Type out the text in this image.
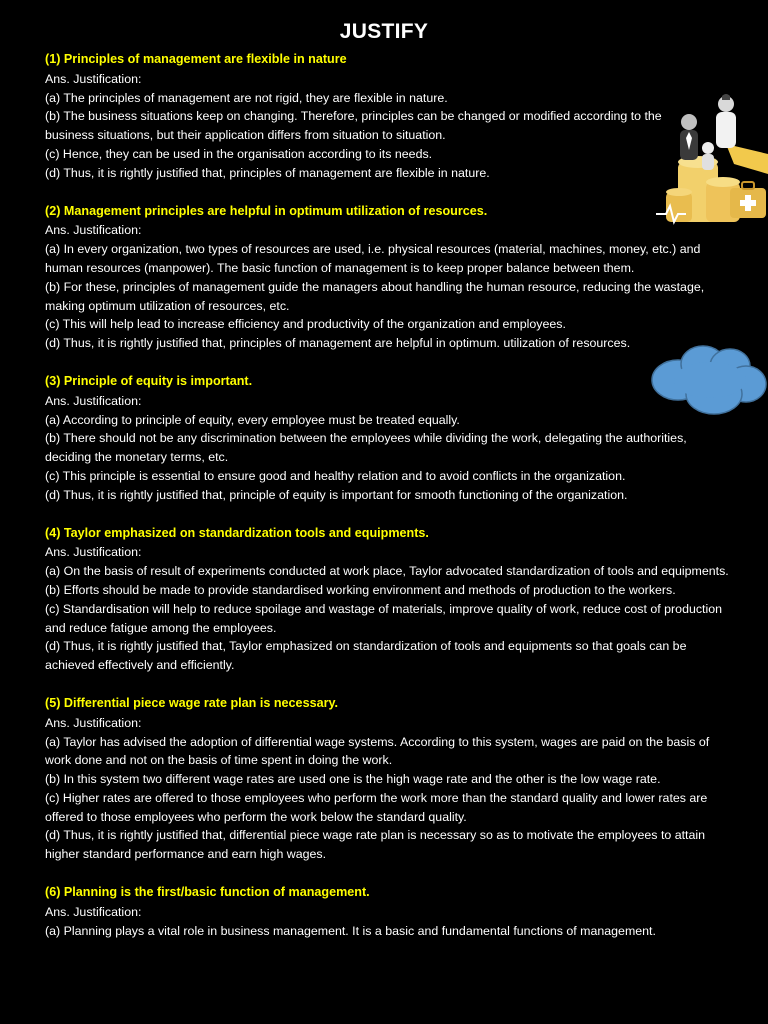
JUSTIFY
(1) Principles of management are flexible in nature
Ans. Justification:
(a) The principles of management are not rigid, they are flexible in nature.
(b) The business situations keep on changing. Therefore, principles can be changed or modified according to the business situations, but their application differs from situation to situation.
(c) Hence, they can be used in the organisation according to its needs.
(d) Thus, it is rightly justified that, principles of management are flexible in nature.
(2) Management principles are helpful in optimum utilization of resources.
Ans. Justification:
(a) In every organization, two types of resources are used, i.e. physical resources (material, machines, money, etc.) and human resources (manpower). The basic function of management is to keep proper balance between them.
(b) For these, principles of management guide the managers about handling the human resource, reducing the wastage, making optimum utilization of resources, etc.
(c) This will help lead to increase efficiency and productivity of the organization and employees.
(d) Thus, it is rightly justified that, principles of management are helpful in optimum. utilization of resources.
(3) Principle of equity is important.
Ans. Justification:
(a) According to principle of equity, every employee must be treated equally.
(b) There should not be any discrimination between the employees while dividing the work, delegating the authorities, deciding the monetary terms, etc.
(c) This principle is essential to ensure good and healthy relation and to avoid conflicts in the organization.
(d) Thus, it is rightly justified that, principle of equity is important for smooth functioning of the organization.
(4) Taylor emphasized on standardization tools and equipments.
Ans. Justification:
(a) On the basis of result of experiments conducted at work place, Taylor advocated standardization of tools and equipments.
(b) Efforts should be made to provide standardised working environment and methods of production to the workers.
(c) Standardisation will help to reduce spoilage and wastage of materials, improve quality of work, reduce cost of production and reduce fatigue among the employees.
(d) Thus, it is rightly justified that, Taylor emphasized on standardization of tools and equipments so that goals can be achieved effectively and efficiently.
(5) Differential piece wage rate plan is necessary.
Ans. Justification:
(a) Taylor has advised the adoption of differential wage systems. According to this system, wages are paid on the basis of work done and not on the basis of time spent in doing the work.
(b) In this system two different wage rates are used one is the high wage rate and the other is the low wage rate.
(c) Higher rates are offered to those employees who perform the work more than the standard quality and lower rates are offered to those employees who perform the work below the standard quality.
(d) Thus, it is rightly justified that, differential piece wage rate plan is necessary so as to motivate the employees to attain higher standard performance and earn high wages.
(6) Planning is the first/basic function of management.
Ans. Justification:
(a) Planning plays a vital role in business management. It is a basic and fundamental functions of management.
